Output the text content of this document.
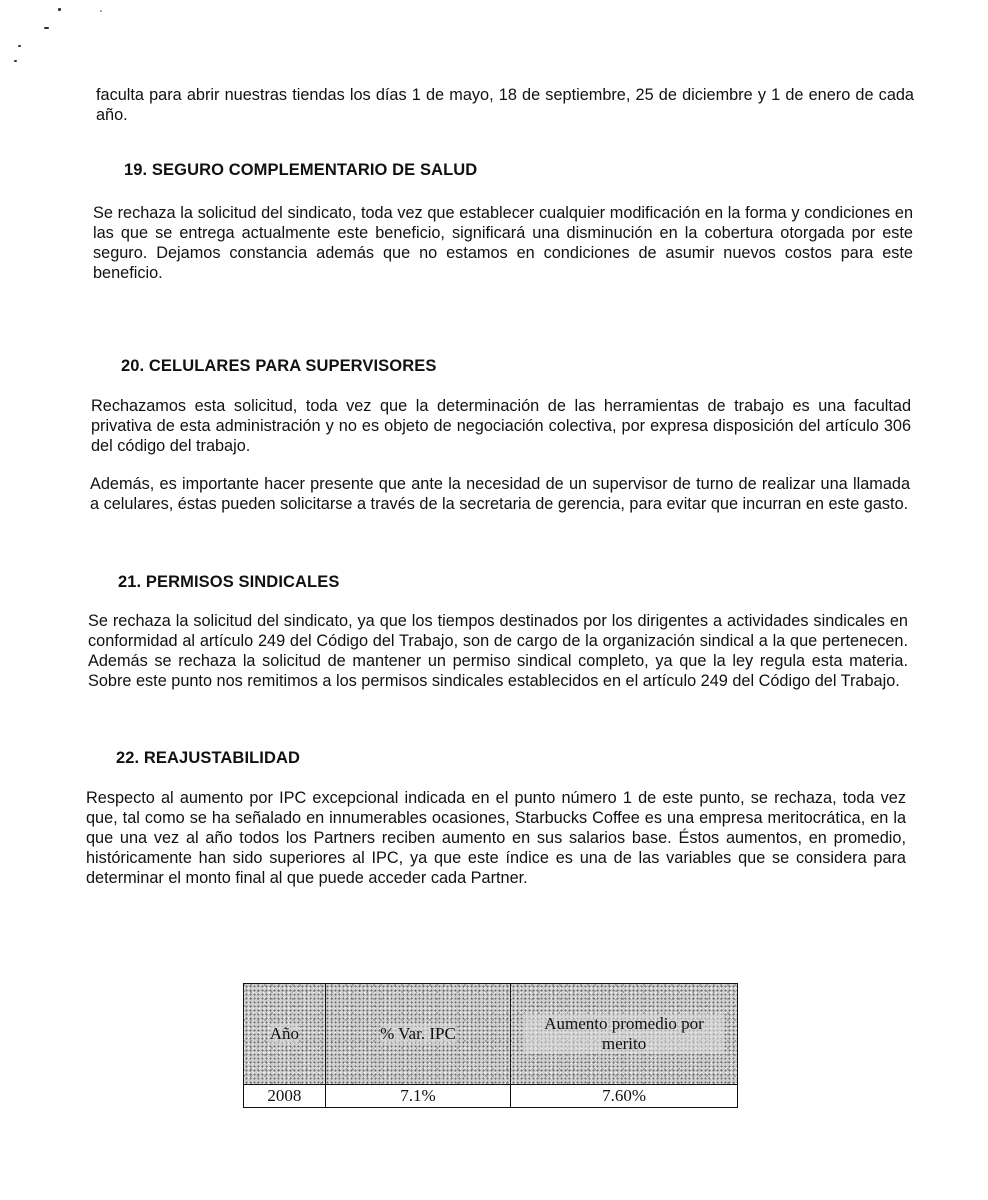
faculta para abrir nuestras tiendas los días 1 de mayo, 18 de septiembre, 25 de diciembre y 1 de enero de cada año.

19. SEGURO COMPLEMENTARIO DE SALUD

Se rechaza la solicitud del sindicato, toda vez que establecer cualquier modificación en la forma y condiciones en las que se entrega actualmente este beneficio, significará una disminución en la cobertura otorgada por este seguro. Dejamos constancia además que no estamos en condiciones de asumir nuevos costos para este beneficio.

20. CELULARES PARA SUPERVISORES

Rechazamos esta solicitud, toda vez que la determinación de las herramientas de trabajo es una facultad privativa de esta administración y no es objeto de negociación colectiva, por expresa disposición del artículo 306 del código del trabajo.

Además, es importante hacer presente que ante la necesidad de un supervisor de turno de realizar una llamada a celulares, éstas pueden solicitarse a través de la secretaria de gerencia, para evitar que incurran en este gasto.

21. PERMISOS SINDICALES

Se rechaza la solicitud del sindicato, ya que los tiempos destinados por los dirigentes a actividades sindicales en conformidad al artículo 249 del Código del Trabajo, son de cargo de la organización sindical a la que pertenecen. Además se rechaza la solicitud de mantener un permiso sindical completo, ya que la ley regula esta materia. Sobre este punto nos remitimos a los permisos sindicales establecidos en el artículo 249 del Código del Trabajo.

22. REAJUSTABILIDAD

Respecto al aumento por IPC excepcional indicada en el punto número 1 de este punto, se rechaza, toda vez que, tal como se ha señalado en innumerables ocasiones, Starbucks Coffee es una empresa meritocrática, en la que una vez al año todos los Partners reciben aumento en sus salarios base. Éstos aumentos, en promedio, históricamente han sido superiores al IPC, ya que este índice es una de las variables que se considera para determinar el monto final al que puede acceder cada Partner.

Año	% Var. IPC	Aumento promedio por merito
2008	7.1%	7.60%
